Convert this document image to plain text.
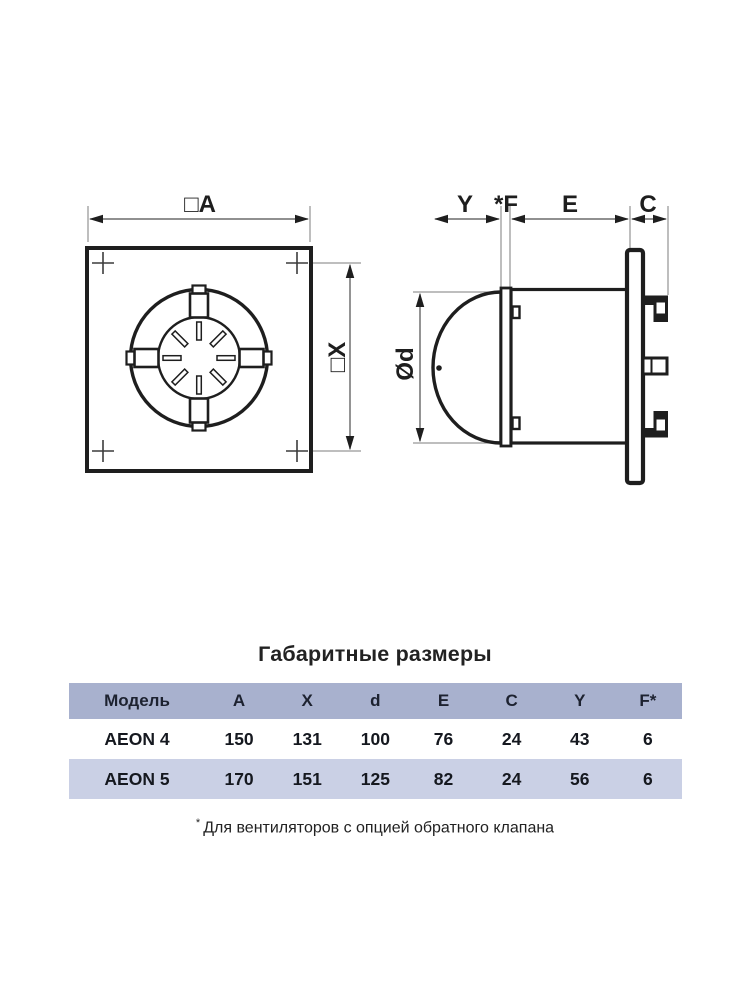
□A
□X
Y *F E	C
Ød
Габаритные размеры
Модель	A	X	d	E	C	Y	F*
AEON 4	150	131	100	76	24	43	6
AEON 5	170	151	125	82	24	56	6
* Для вентиляторов с опцией обратного клапана
